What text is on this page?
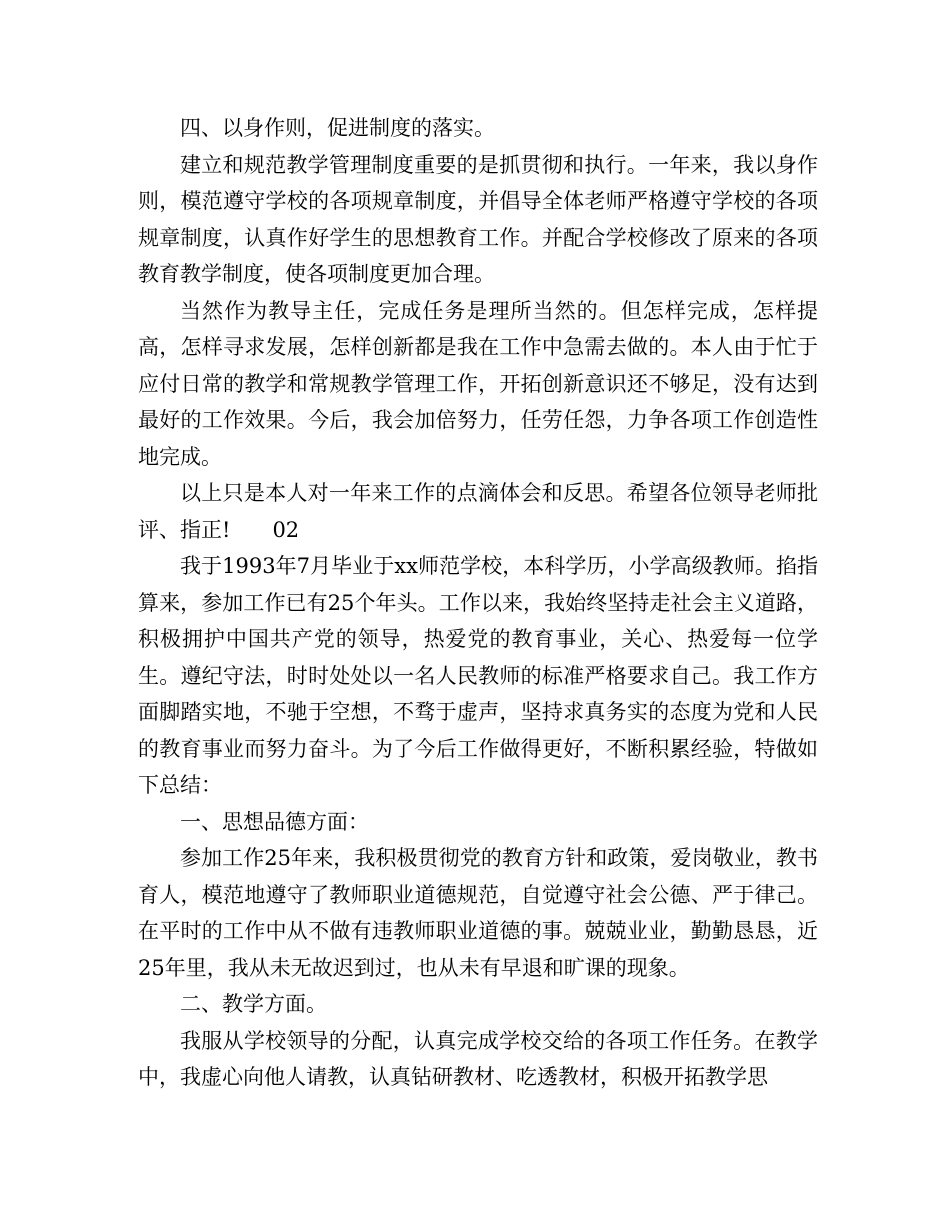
四、以身作则，促进制度的落实。

建立和规范教学管理制度重要的是抓贯彻和执行。一年来，我以身作则，模范遵守学校的各项规章制度，并倡导全体老师严格遵守学校的各项规章制度，认真作好学生的思想教育工作。并配合学校修改了原来的各项教育教学制度，使各项制度更加合理。

当然作为教导主任，完成任务是理所当然的。但怎样完成，怎样提高，怎样寻求发展，怎样创新都是我在工作中急需去做的。本人由于忙于应付日常的教学和常规教学管理工作，开拓创新意识还不够足，没有达到最好的工作效果。今后，我会加倍努力，任劳任怨，力争各项工作创造性地完成。

以上只是本人对一年来工作的点滴体会和反思。希望各位领导老师批评、指正!　　02

我于1993年7月毕业于xx师范学校，本科学历，小学高级教师。掐指算来，参加工作已有25个年头。工作以来，我始终坚持走社会主义道路，积极拥护中国共产党的领导，热爱党的教育事业，关心、热爱每一位学生。遵纪守法，时时处处以一名人民教师的标准严格要求自己。我工作方面脚踏实地，不驰于空想，不骛于虚声，坚持求真务实的态度为党和人民的教育事业而努力奋斗。为了今后工作做得更好，不断积累经验，特做如下总结：

一、思想品德方面：

参加工作25年来，我积极贯彻党的教育方针和政策，爱岗敬业，教书育人，模范地遵守了教师职业道德规范，自觉遵守社会公德、严于律己。在平时的工作中从不做有违教师职业道德的事。兢兢业业，勤勤恳恳，近25年里，我从未无故迟到过，也从未有早退和旷课的现象。

二、教学方面。

我服从学校领导的分配，认真完成学校交给的各项工作任务。在教学中，我虚心向他人请教，认真钻研教材、吃透教材，积极开拓教学思
